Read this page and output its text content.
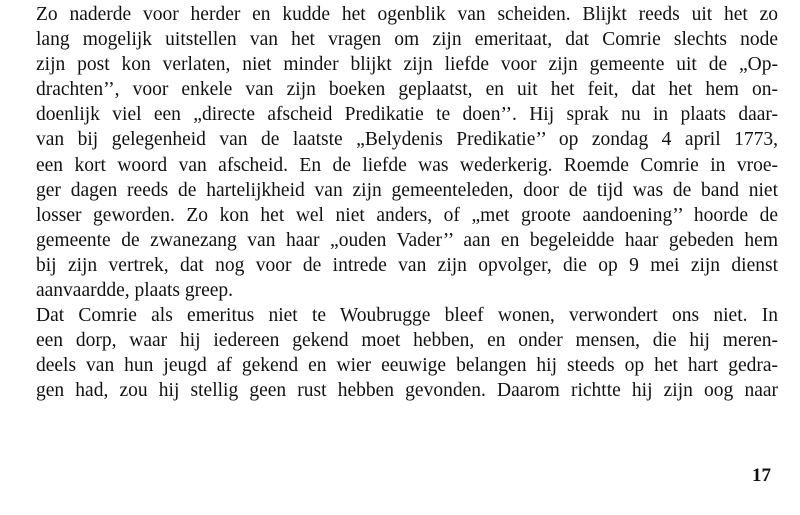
Zo naderde voor herder en kudde het ogenblik van scheiden. Blijkt reeds uit het zo
lang mogelijk uitstellen van het vragen om zijn emeritaat, dat Comrie slechts node
zijn post kon verlaten, niet minder blijkt zijn liefde voor zijn gemeente uit de „Op-
drachten’’, voor enkele van zijn boeken geplaatst, en uit het feit, dat het hem on-
doenlijk viel een „directe afscheid Predikatie te doen’’. Hij sprak nu in plaats daar-
van bij gelegenheid van de laatste „Belydenis Predikatie’’ op zondag 4 april 1773,
een kort woord van afscheid. En de liefde was wederkerig. Roemde Comrie in vroe-
ger dagen reeds de hartelijkheid van zijn gemeenteleden, door de tijd was de band niet
losser geworden. Zo kon het wel niet anders, of „met groote aandoening’’ hoorde de
gemeente de zwanezang van haar „ouden Vader’’ aan en begeleidde haar gebeden hem
bij zijn vertrek, dat nog voor de intrede van zijn opvolger, die op 9 mei zijn dienst
aanvaardde, plaats greep.
Dat Comrie als emeritus niet te Woubrugge bleef wonen, verwondert ons niet. In
een dorp, waar hij iedereen gekend moet hebben, en onder mensen, die hij meren-
deels van hun jeugd af gekend en wier eeuwige belangen hij steeds op het hart gedra-
gen had, zou hij stellig geen rust hebben gevonden. Daarom richtte hij zijn oog naar
17
